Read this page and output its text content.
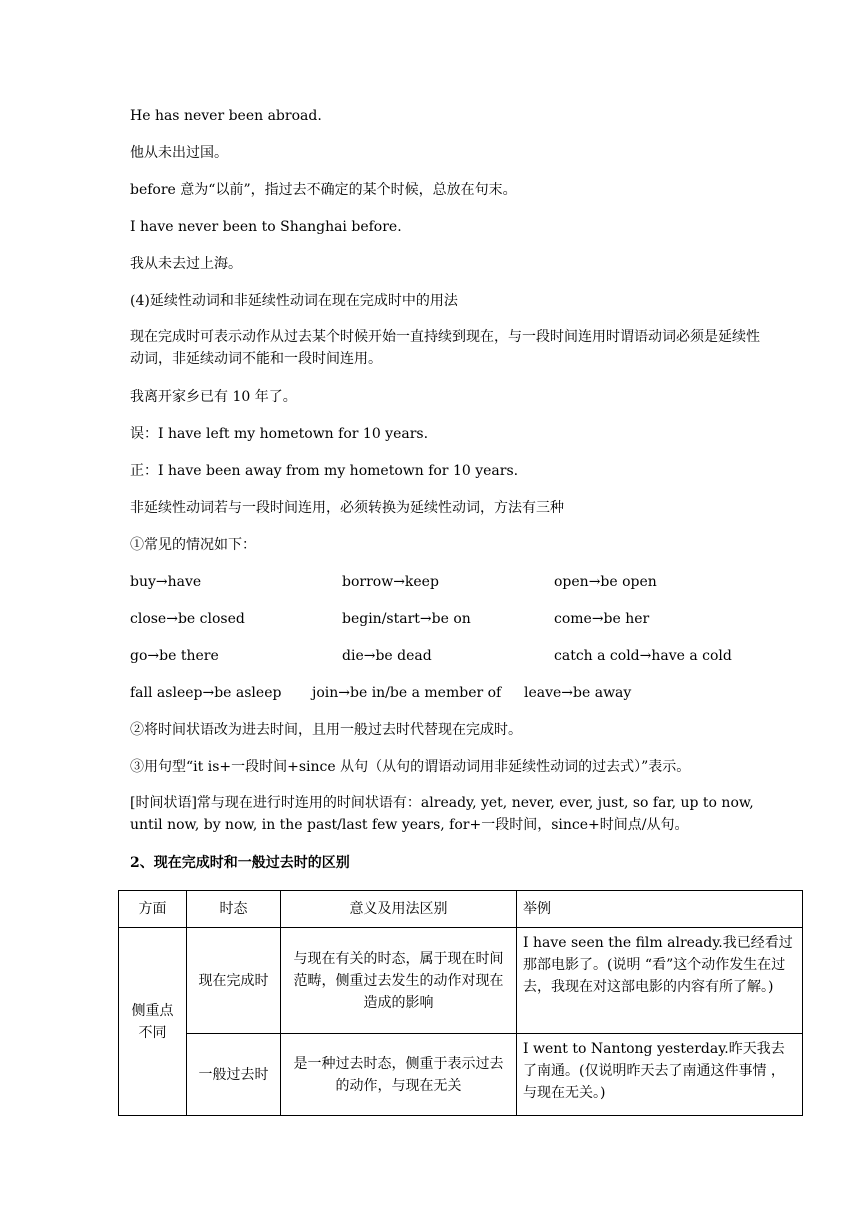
He has never been abroad.
他从未出过国。
before 意为“以前”，指过去不确定的某个时候，总放在句末。
I have never been to Shanghai before.
我从未去过上海。
(4)延续性动词和非延续性动词在现在完成时中的用法
现在完成时可表示动作从过去某个时候开始一直持续到现在，与一段时间连用时谓语动词必须是延续性动词，非延续动词不能和一段时间连用。
我离开家乡已有 10 年了。
误：I have left my hometown for 10 years.
正：I have been away from my hometown for 10 years.
非延续性动词若与一段时间连用，必须转换为延续性动词，方法有三种
①常见的情况如下：
buy→have	borrow→keep	open→be open
close→be closed	begin/start→be on	come→be her
go→be there	die→be dead	catch a cold→have a cold
fall asleep→be asleep join→be in/be a member of leave→be away
②将时间状语改为进去时间，且用一般过去时代替现在完成时。
③用句型“it is+一段时间+since 从句（从句的谓语动词用非延续性动词的过去式）”表示。
[时间状语]常与现在进行时连用的时间状语有：already, yet, never, ever, just, so far, up to now, until now, by now, in the past/last few years, for+一段时间，since+时间点/从句。
2、现在完成时和一般过去时的区别
方面	时态	意义及用法区别	举例
侧重点不同	现在完成时	与现在有关的时态，属于现在时间范畴，侧重过去发生的动作对现在造成的影响	I have seen the film already.我已经看过那部电影了。(说明 “看”这个动作发生在过去，我现在对这部电影的内容有所了解。)
	一般过去时	是一种过去时态，侧重于表示过去的动作，与现在无关	I went to Nantong yesterday.昨天我去了南通。(仅说明昨天去了南通这件事情 ，与现在无关。)
